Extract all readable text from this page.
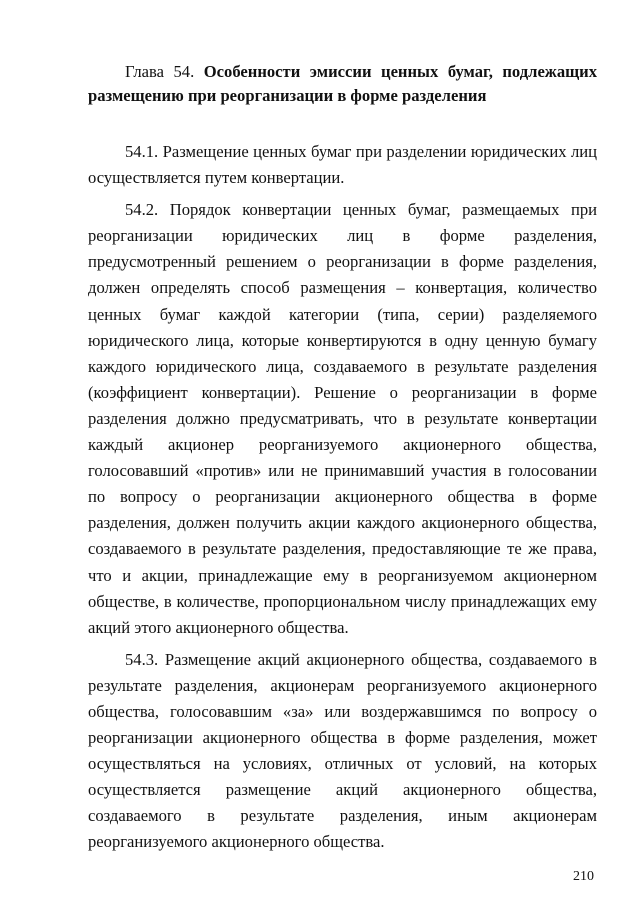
Глава 54. Особенности эмиссии ценных бумаг, подлежащих размещению при реорганизации в форме разделения

54.1. Размещение ценных бумаг при разделении юридических лиц осуществляется путем конвертации.

54.2. Порядок конвертации ценных бумаг, размещаемых при реорганизации юридических лиц в форме разделения, предусмотренный решением о реорганизации в форме разделения, должен определять способ размещения – конвертация, количество ценных бумаг каждой категории (типа, серии) разделяемого юридического лица, которые конвертируются в одну ценную бумагу каждого юридического лица, создаваемого в результате разделения (коэффициент конвертации). Решение о реорганизации в форме разделения должно предусматривать, что в результате конвертации каждый акционер реорганизуемого акционерного общества, голосовавший «против» или не принимавший участия в голосовании по вопросу о реорганизации акционерного общества в форме разделения, должен получить акции каждого акционерного общества, создаваемого в результате разделения, предоставляющие те же права, что и акции, принадлежащие ему в реорганизуемом акционерном обществе, в количестве, пропорциональном числу принадлежащих ему акций этого акционерного общества.

54.3. Размещение акций акционерного общества, создаваемого в результате разделения, акционерам реорганизуемого акционерного общества, голосовавшим «за» или воздержавшимся по вопросу о реорганизации акционерного общества в форме разделения, может осуществляться на условиях, отличных от условий, на которых осуществляется размещение акций акционерного общества, создаваемого в результате разделения, иным акционерам реорганизуемого акционерного общества.

210
